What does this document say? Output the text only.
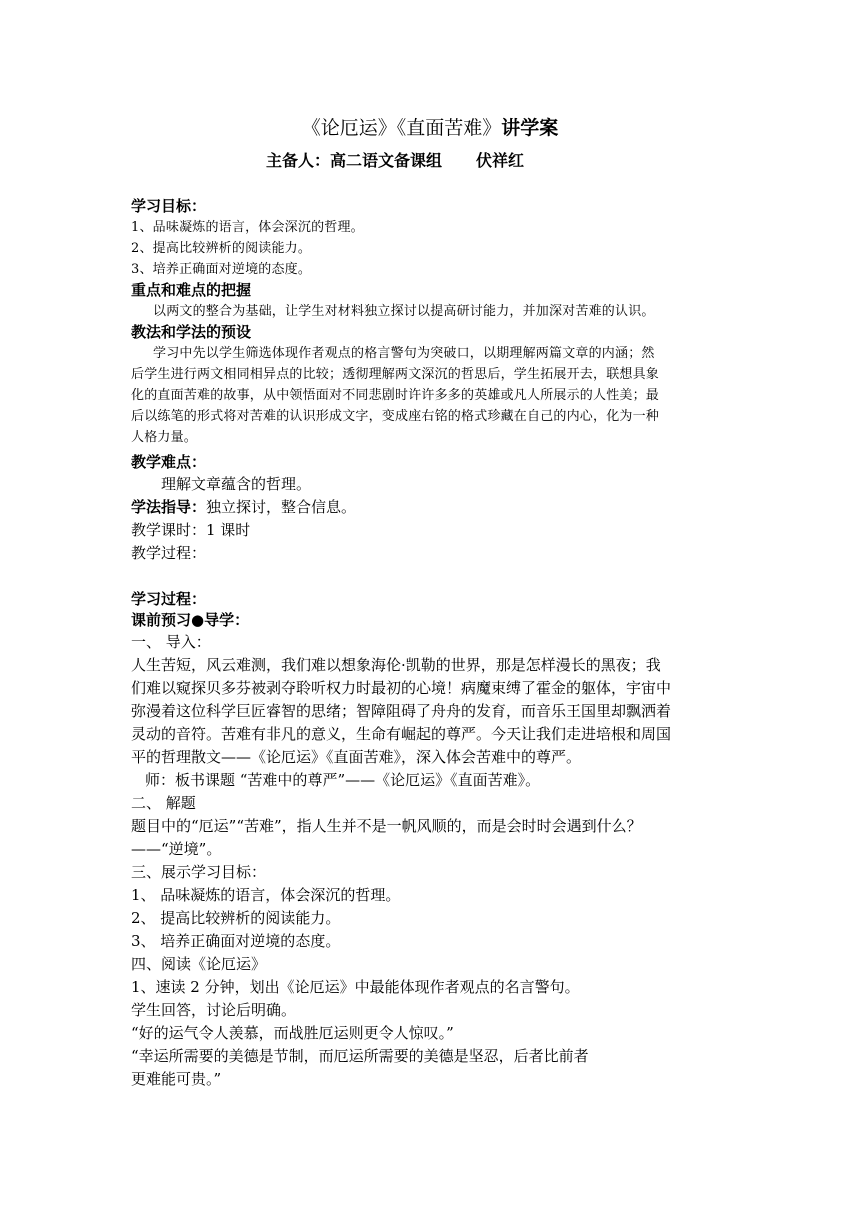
《论厄运》《直面苦难》讲学案
主备人：高二语文备课组 伏祥红
学习目标：
1、品味凝炼的语言，体会深沉的哲理。
2、提高比较辨析的阅读能力。
3、培养正确面对逆境的态度。
重点和难点的把握
以两文的整合为基础，让学生对材料独立探讨以提高研讨能力，并加深对苦难的认识。
教法和学法的预设
学习中先以学生筛选体现作者观点的格言警句为突破口，以期理解两篇文章的内涵；然
后学生进行两文相同相异点的比较；透彻理解两文深沉的哲思后，学生拓展开去，联想具象
化的直面苦难的故事，从中领悟面对不同悲剧时许许多多的英雄或凡人所展示的人性美；最
后以练笔的形式将对苦难的认识形成文字，变成座右铭的格式珍藏在自己的内心，化为一种
人格力量。
教学难点：
理解文章蕴含的哲理。
学法指导：独立探讨，整合信息。
教学课时：1 课时
教学过程：
学习过程：
课前预习●导学：
一、 导入：
人生苦短，风云难测，我们难以想象海伦·凯勒的世界，那是怎样漫长的黑夜；我
们难以窥探贝多芬被剥夺聆听权力时最初的心境！病魔束缚了霍金的躯体，宇宙中
弥漫着这位科学巨匠睿智的思绪；智障阻碍了舟舟的发育，而音乐王国里却飘洒着
灵动的音符。苦难有非凡的意义，生命有崛起的尊严。今天让我们走进培根和周国
平的哲理散文——《论厄运》《直面苦难》，深入体会苦难中的尊严。
师：板书课题 “苦难中的尊严”——《论厄运》《直面苦难》。
二、 解题
题目中的“厄运”“苦难”，指人生并不是一帆风顺的，而是会时时会遇到什么？
——“逆境”。
三、展示学习目标：
1、 品味凝炼的语言，体会深沉的哲理。
2、 提高比较辨析的阅读能力。
3、 培养正确面对逆境的态度。
四、阅读《论厄运》
1、速读 2 分钟，划出《论厄运》中最能体现作者观点的名言警句。
学生回答，讨论后明确。
“好的运气令人羡慕，而战胜厄运则更令人惊叹。”
“幸运所需要的美德是节制，而厄运所需要的美德是坚忍，后者比前者
更难能可贵。”
